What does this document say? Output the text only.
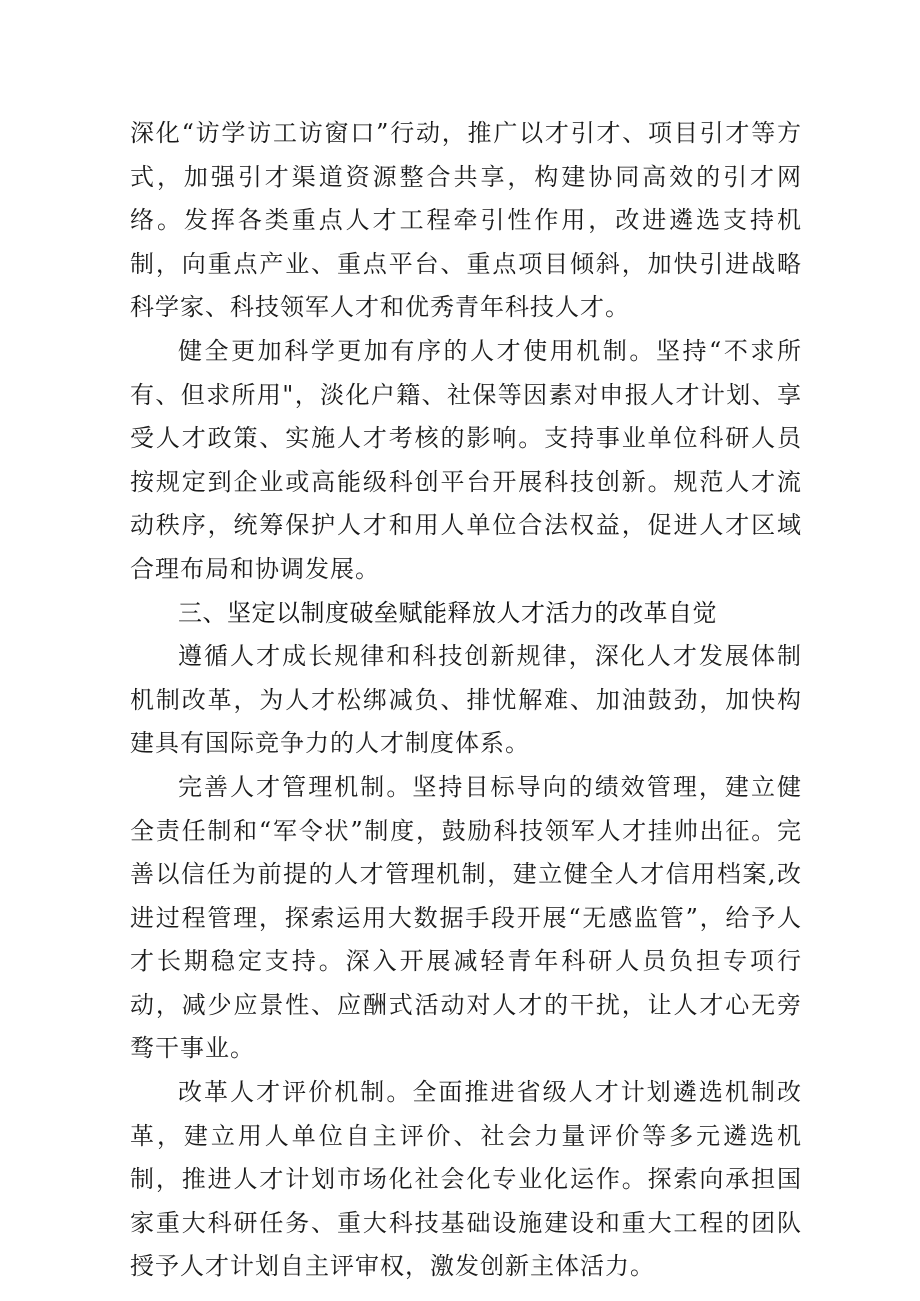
深化“访学访工访窗口”行动，推广以才引才、项目引才等方式，加强引才渠道资源整合共享，构建协同高效的引才网络。发挥各类重点人才工程牵引性作用，改进遴选支持机制，向重点产业、重点平台、重点项目倾斜，加快引进战略科学家、科技领军人才和优秀青年科技人才。

健全更加科学更加有序的人才使用机制。坚持“不求所有、但求所用"，淡化户籍、社保等因素对申报人才计划、享受人才政策、实施人才考核的影响。支持事业单位科研人员按规定到企业或高能级科创平台开展科技创新。规范人才流动秩序，统筹保护人才和用人单位合法权益，促进人才区域合理布局和协调发展。

三、坚定以制度破垒赋能释放人才活力的改革自觉

遵循人才成长规律和科技创新规律，深化人才发展体制机制改革，为人才松绑减负、排忧解难、加油鼓劲，加快构建具有国际竞争力的人才制度体系。

完善人才管理机制。坚持目标导向的绩效管理，建立健全责任制和“军令状”制度，鼓励科技领军人才挂帅出征。完善以信任为前提的人才管理机制，建立健全人才信用档案,改进过程管理，探索运用大数据手段开展“无感监管”，给予人才长期稳定支持。深入开展减轻青年科研人员负担专项行动，减少应景性、应酬式活动对人才的干扰，让人才心无旁骛干事业。

改革人才评价机制。全面推进省级人才计划遴选机制改革，建立用人单位自主评价、社会力量评价等多元遴选机制，推进人才计划市场化社会化专业化运作。探索向承担国家重大科研任务、重大科技基础设施建设和重大工程的团队授予人才计划自主评审权，激发创新主体活力。
